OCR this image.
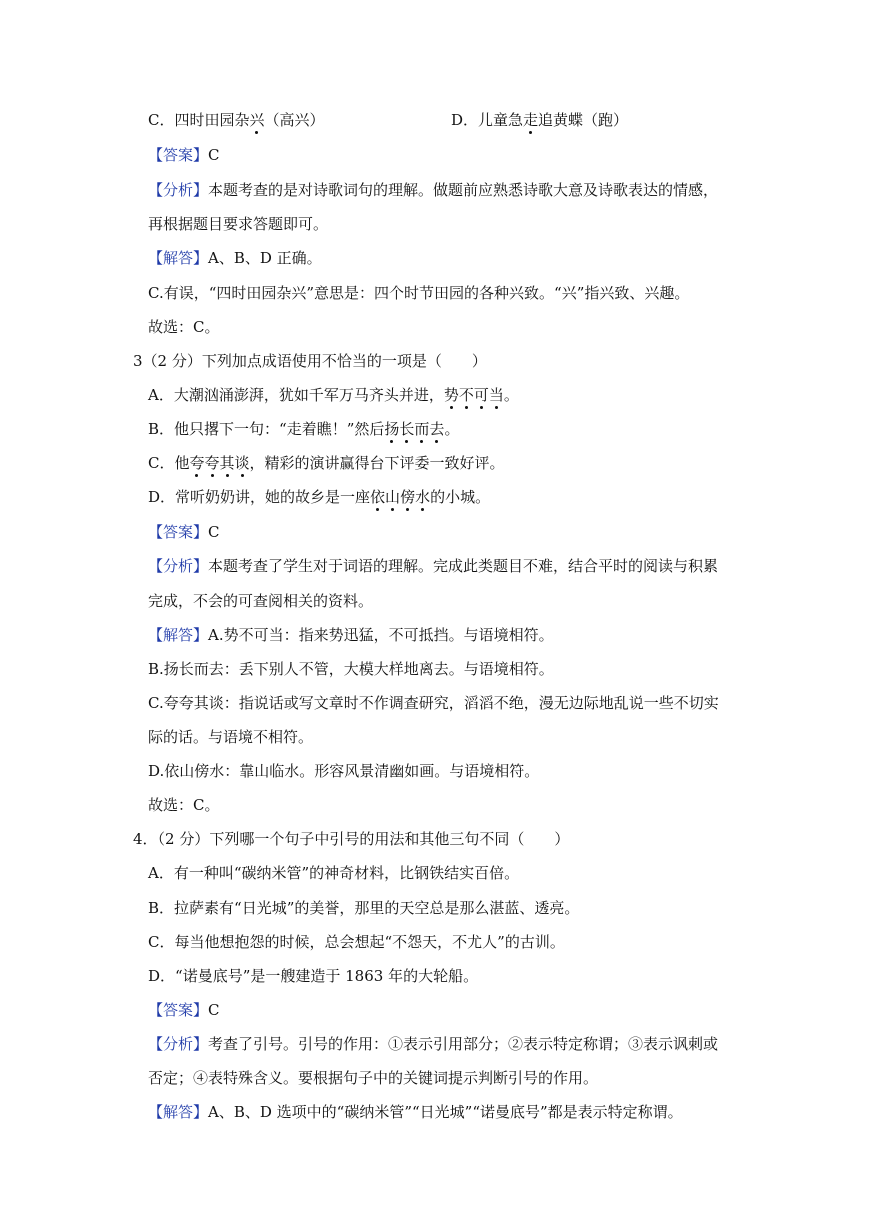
C．四时田园杂兴（高兴）	D．儿童急走追黄蝶（跑）
【答案】C
【分析】本题考查的是对诗歌词句的理解。做题前应熟悉诗歌大意及诗歌表达的情感，
再根据题目要求答题即可。
【解答】A、B、D 正确。
C.有误，“四时田园杂兴”意思是：四个时节田园的各种兴致。“兴”指兴致、兴趣。
故选：C。
3（2 分）下列加点成语使用不恰当的一项是（　　）
A．大潮汹涌澎湃，犹如千军万马齐头并进，势不可当。
B．他只撂下一句：“走着瞧！”然后扬长而去。
C．他夸夸其谈，精彩的演讲赢得台下评委一致好评。
D．常听奶奶讲，她的故乡是一座依山傍水的小城。
【答案】C
【分析】本题考查了学生对于词语的理解。完成此类题目不难，结合平时的阅读与积累
完成，不会的可查阅相关的资料。
【解答】A.势不可当：指来势迅猛，不可抵挡。与语境相符。
B.扬长而去：丢下别人不管，大模大样地离去。与语境相符。
C.夸夸其谈：指说话或写文章时不作调查研究，滔滔不绝，漫无边际地乱说一些不切实
际的话。与语境不相符。
D.依山傍水：靠山临水。形容风景清幽如画。与语境相符。
故选：C。
4．（2 分）下列哪一个句子中引号的用法和其他三句不同（　　）
A．有一种叫“碳纳米管”的神奇材料，比钢铁结实百倍。
B．拉萨素有“日光城”的美誉，那里的天空总是那么湛蓝、透亮。
C．每当他想抱怨的时候，总会想起“不怨天，不尤人”的古训。
D．“诺曼底号”是一艘建造于 1863 年的大轮船。
【答案】C
【分析】考查了引号。引号的作用：①表示引用部分；②表示特定称谓；③表示讽刺或
否定；④表特殊含义。要根据句子中的关键词提示判断引号的作用。
【解答】A、B、D 选项中的“碳纳米管”“日光城”“诺曼底号”都是表示特定称谓。
